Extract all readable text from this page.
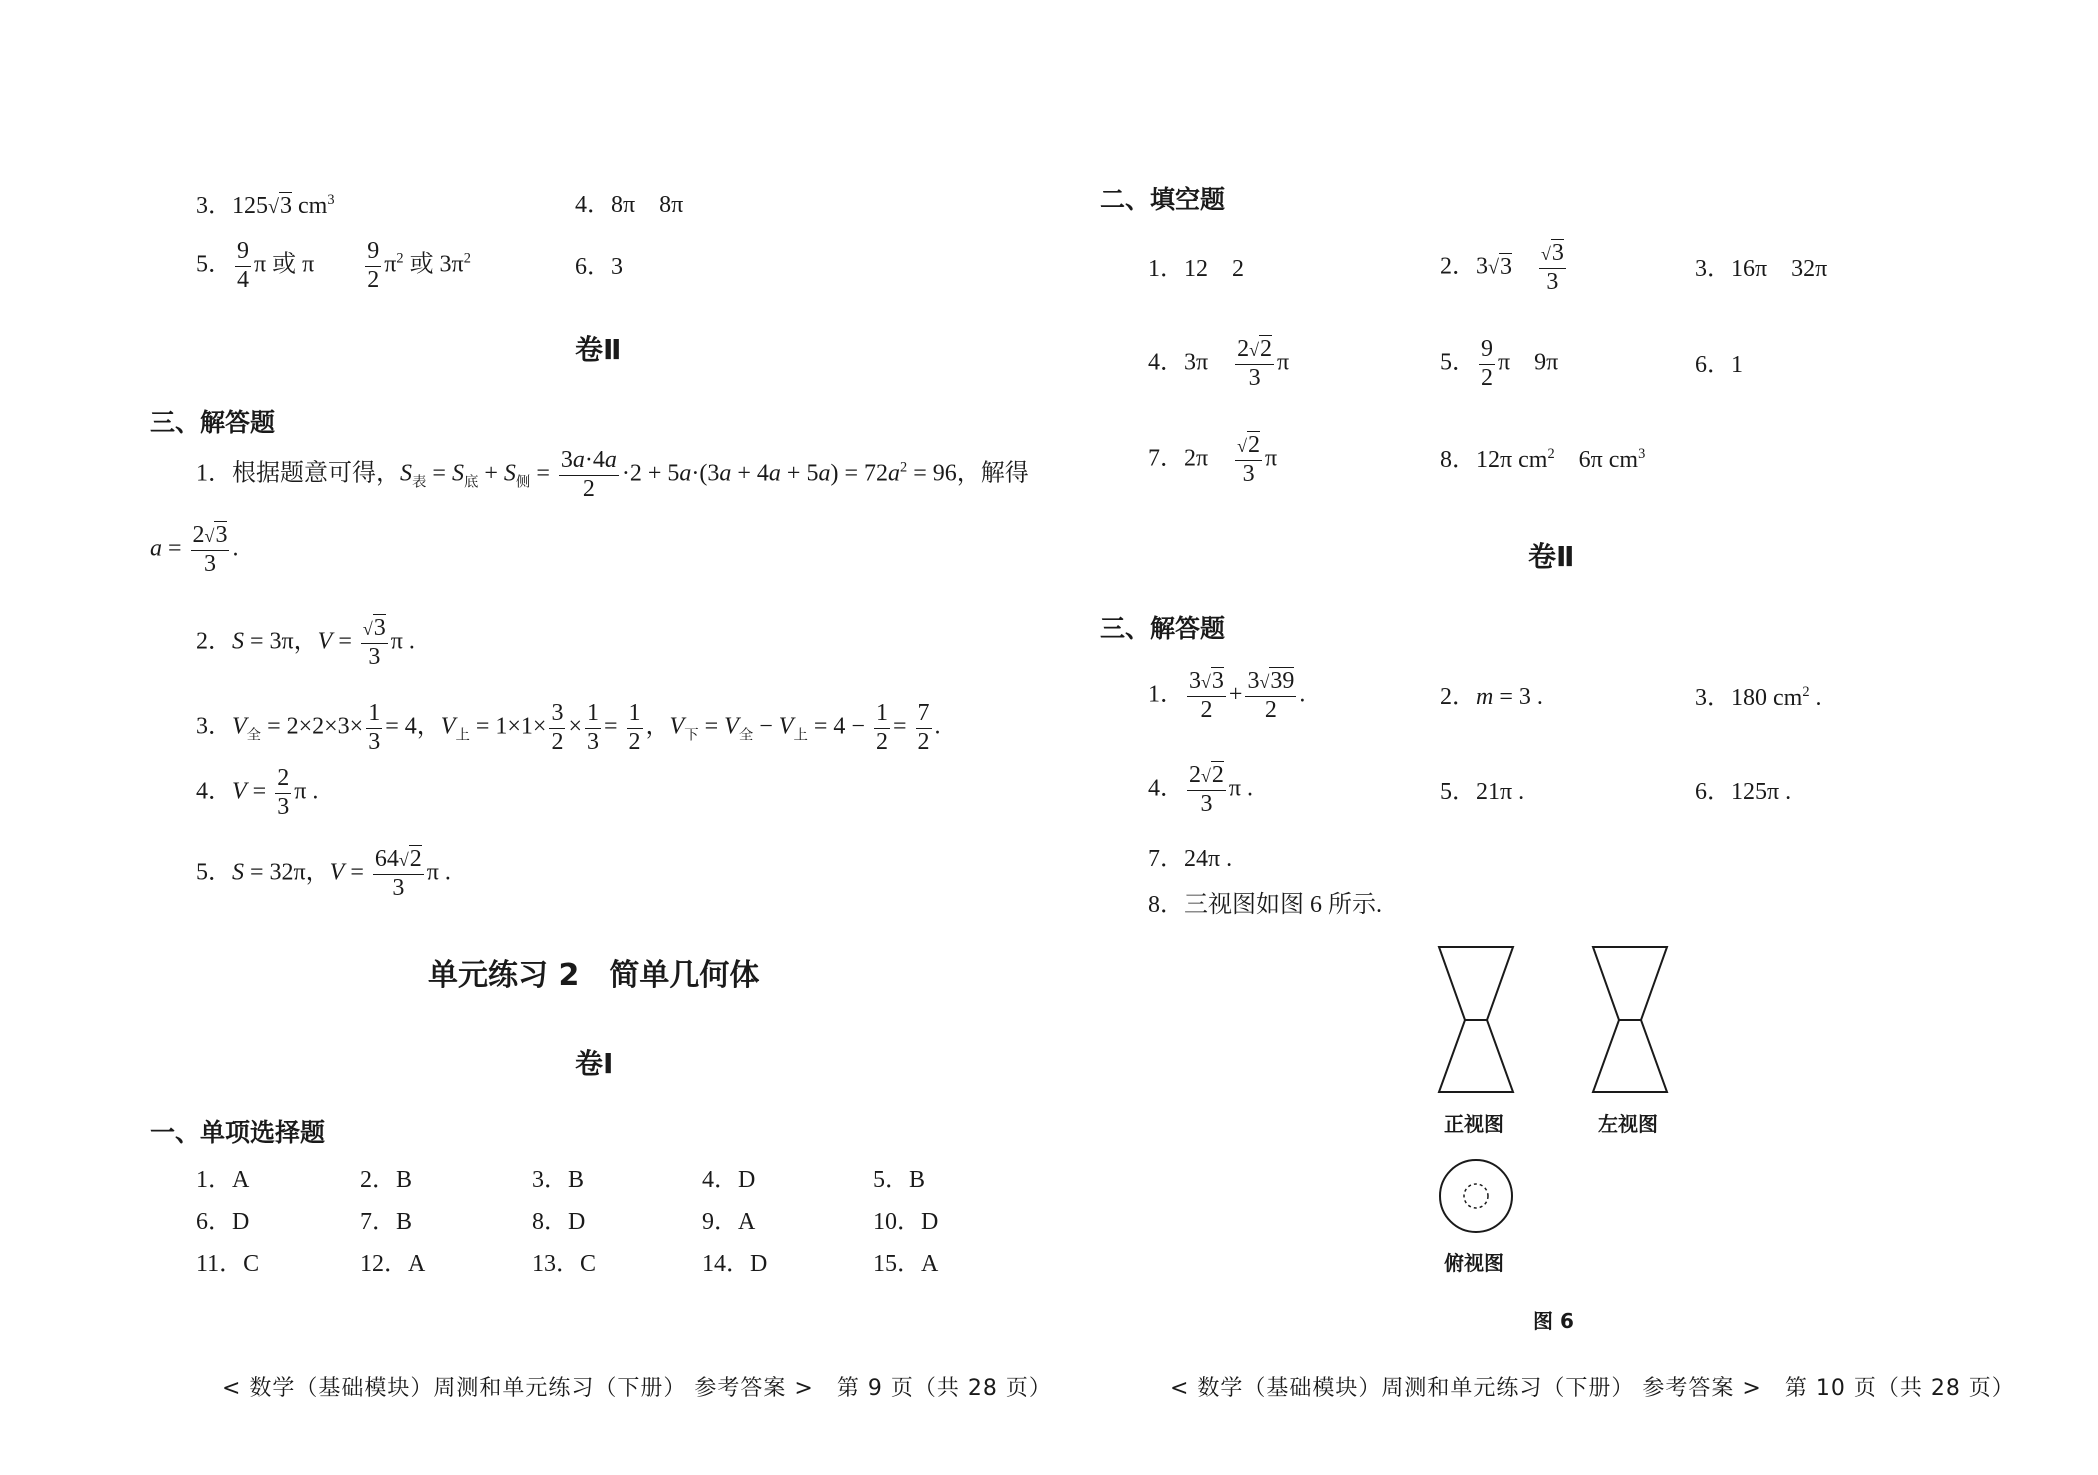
3．125√3 $cm^3$	4．8π　8π
5． $\frac{9}{4}$ π 或 π　　 $\frac{9}{2} \pi^2$ 或 $3\pi^2$	6．3
卷Ⅱ
三、解答题
1．根据题意可得，$S_表 = S_底 + S_侧 = \frac{3a\cdot 4a}{2} \cdot 2 + 5a\cdot(3a + 4a + 5a) = 72a^2 = 96$，解得
$a = \frac{2√3}{3}$ .
2．S = 3π，$V = \frac{√3}{3}$ π .
3．$V_全 = 2\times 2\times 3\times \frac{1}{3} = 4$，$V_上 = 1\times 1\times \frac{3}{2} \times \frac{1}{3} = \frac{1}{2}$ ，$V_下 = V_全 - V_上 = 4 - \frac{1}{2} = \frac{7}{2}$ .
4．$V = \frac{2}{3}$ π .
5．S = 32π，$V = \frac{64√2}{3}$ π .
单元练习 2　简单几何体
卷Ⅰ
一、单项选择题
1．A	2．B	3．B	4．D	5．B
6．D	7．B	8．D	9．A	10．D
11．C	12．A	13．C	14．D	15．A
< 数学（基础模块）周测和单元练习（下册） 参考答案 >　第 9 页（共 28 页）
二、填空题
1．12　2	2．3√3　 $\frac{√3}{3}$	3．16π　32π
4．3π　 $\frac{2√2}{3}$ π	5． $\frac{9}{2}$ π　9π	6．1
7．2π　 $\frac{√2}{3}$ π	8．12π $cm^2$　6π $cm^3$
卷Ⅱ
三、解答题
1． $\frac{3√3}{2} + \frac{3√39}{2}$ .	2．m = 3 .	3．180 $cm^2$ .
4． $\frac{2√2}{3}$ π .	5．21π .	6．125π .
7．24π .
8．三视图如图 6 所示.
正视图	左视图
俯视图
图 6
< 数学（基础模块）周测和单元练习（下册） 参考答案 >　第 10 页（共 28 页）
